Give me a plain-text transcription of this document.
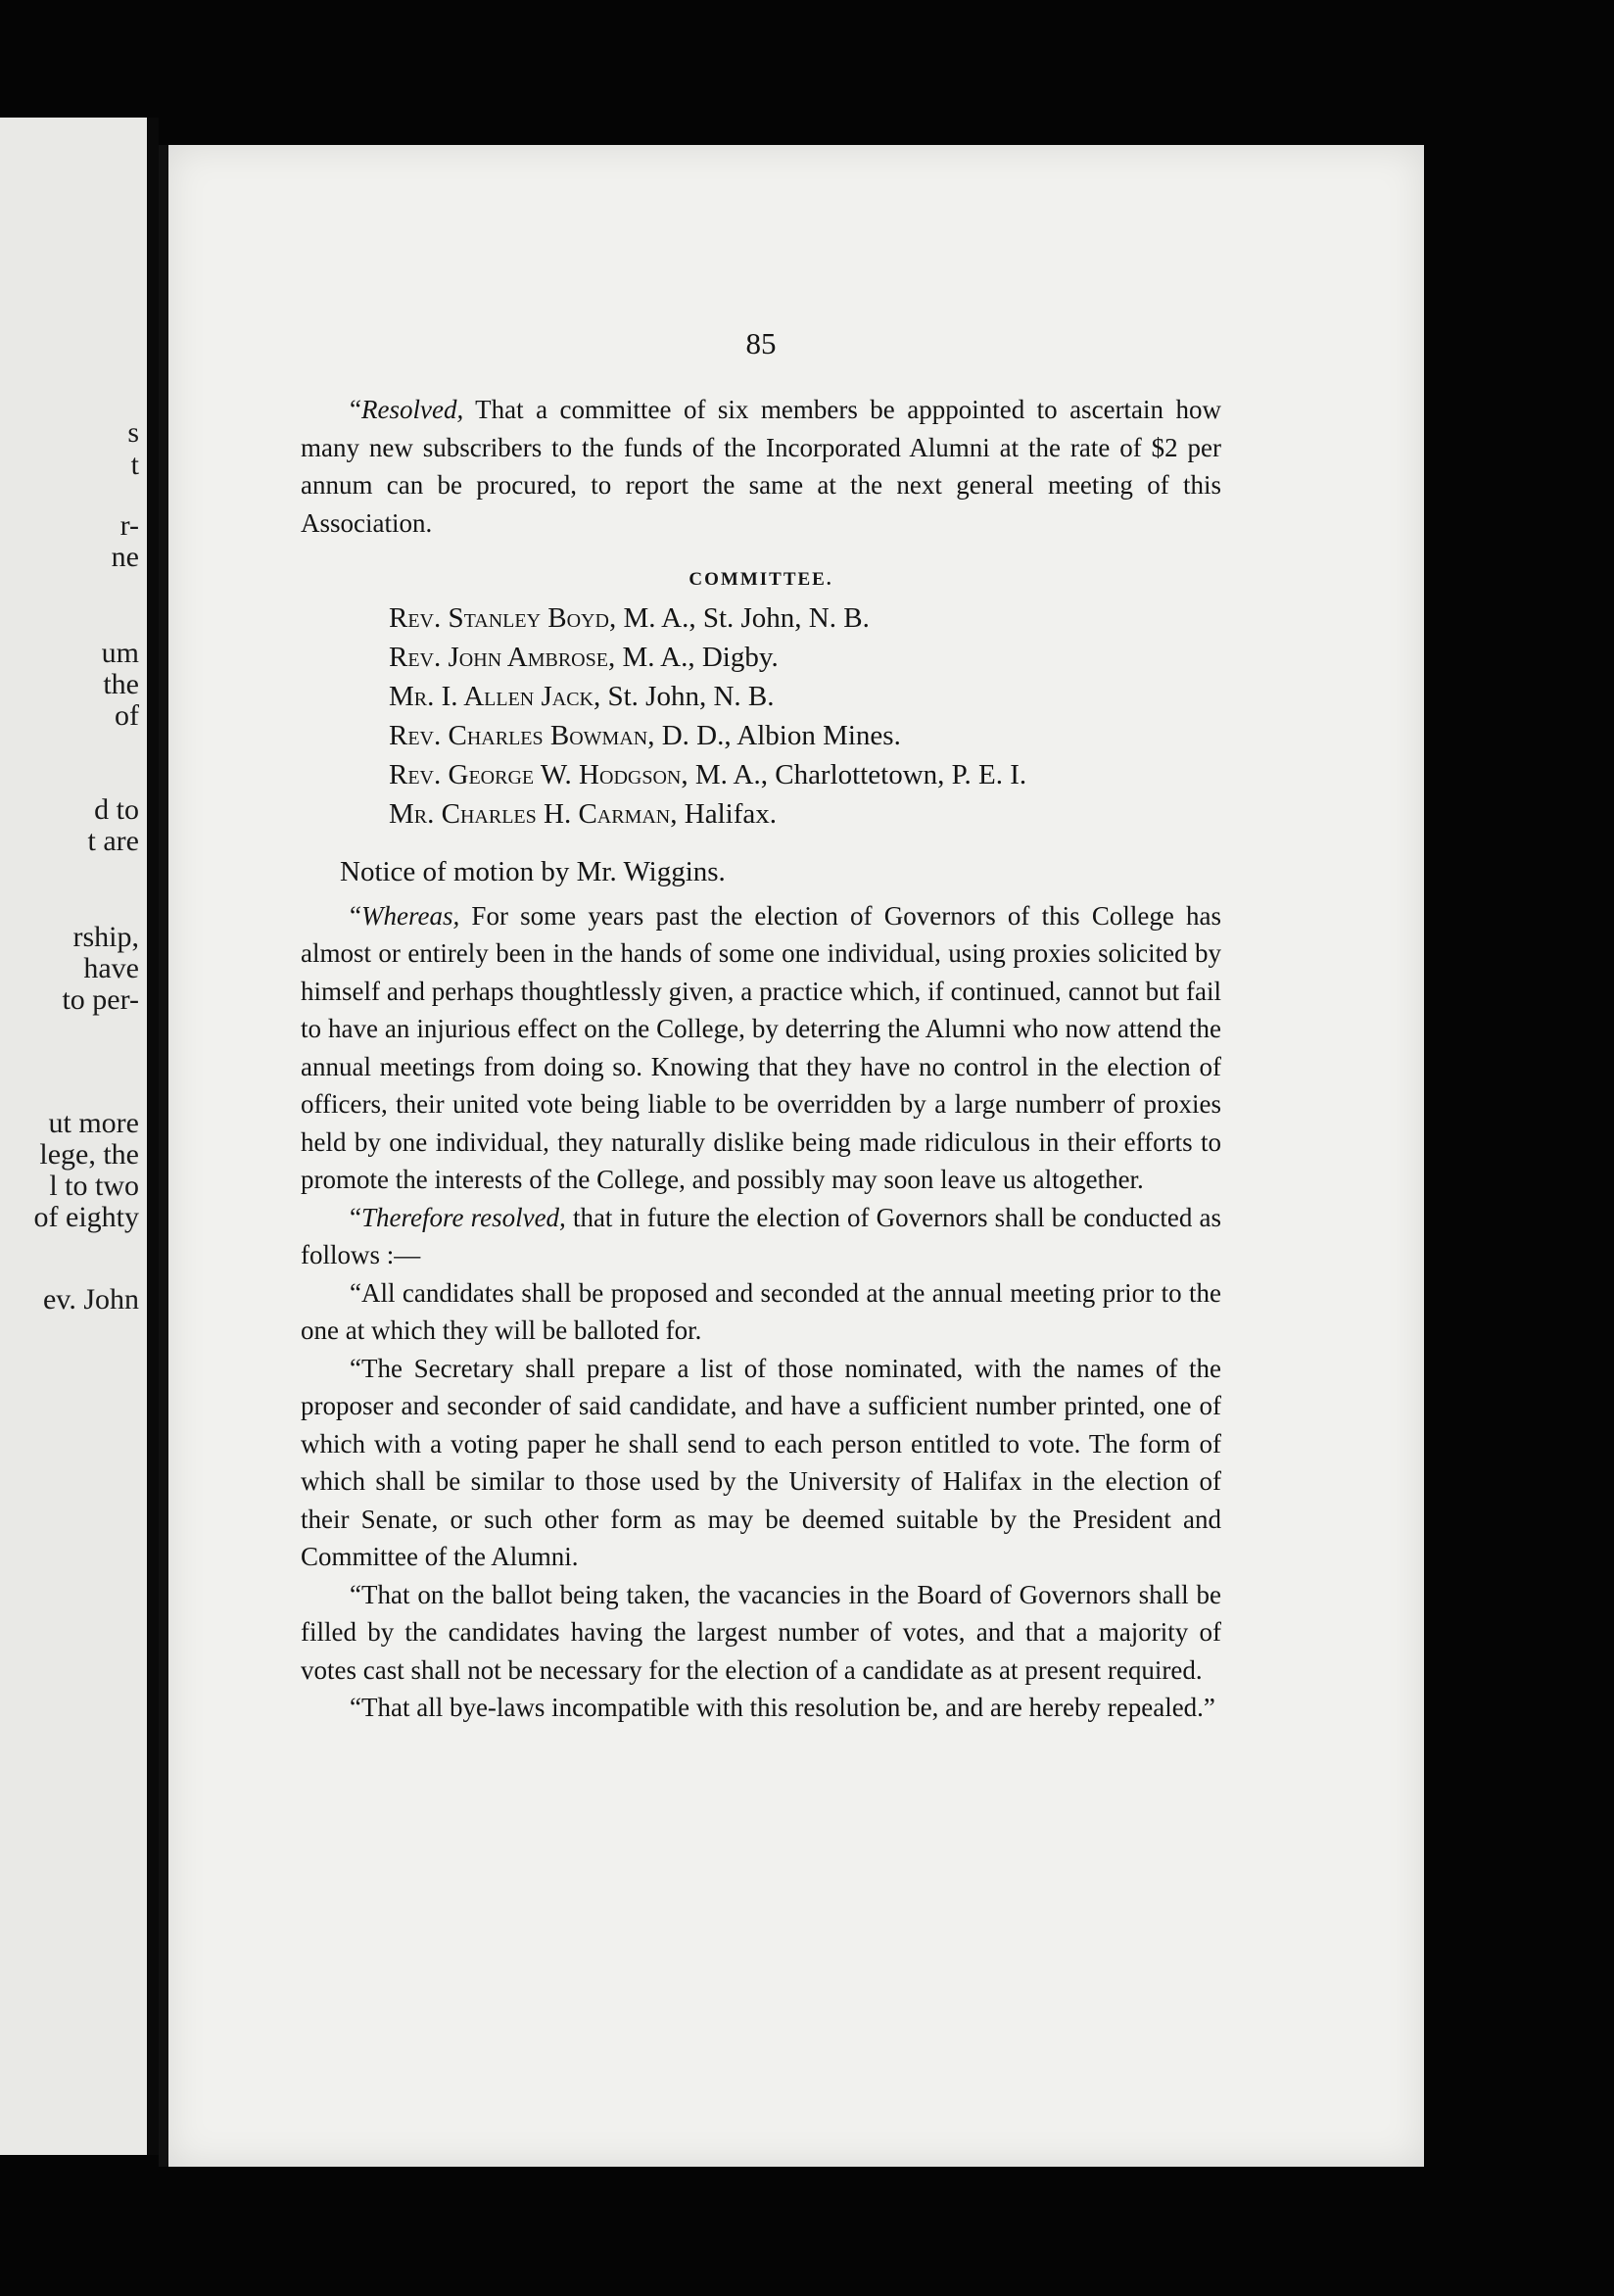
s
t
r-
ne
um
the
of
d to
t are
rship,
have
to per-
ut more
lege, the
l to two
of eighty
ev. John
85

“Resolved, That a committee of six members be apppointed to ascertain how many new subscribers to the funds of the Incorporated Alumni at the rate of $2 per annum can be procured, to report the same at the next general meeting of this Association.

COMMITTEE.
Rev. Stanley Boyd, M. A., St. John, N. B.
Rev. John Ambrose, M. A., Digby.
Mr. I. Allen Jack, St. John, N. B.
Rev. Charles Bowman, D. D., Albion Mines.
Rev. George W. Hodgson, M. A., Charlottetown, P. E. I.
Mr. Charles H. Carman, Halifax.

Notice of motion by Mr. Wiggins.

“Whereas, For some years past the election of Governors of this College has almost or entirely been in the hands of some one individual, using proxies solicited by himself and perhaps thoughtlessly given, a practice which, if continued, cannot but fail to have an injurious effect on the College, by deterring the Alumni who now attend the annual meetings from doing so. Knowing that they have no control in the election of officers, their united vote being liable to be overridden by a large numberr of proxies held by one individual, they naturally dislike being made ridiculous in their efforts to promote the interests of the College, and possibly may soon leave us altogether.

“Therefore resolved, that in future the election of Governors shall be conducted as follows :—

“All candidates shall be proposed and seconded at the annual meeting prior to the one at which they will be balloted for.

“The Secretary shall prepare a list of those nominated, with the names of the proposer and seconder of said candidate, and have a sufficient number printed, one of which with a voting paper he shall send to each person entitled to vote. The form of which shall be similar to those used by the University of Halifax in the election of their Senate, or such other form as may be deemed suitable by the President and Committee of the Alumni.

“That on the ballot being taken, the vacancies in the Board of Governors shall be filled by the candidates having the largest number of votes, and that a majority of votes cast shall not be necessary for the election of a candidate as at present required.

“That all bye-laws incompatible with this resolution be, and are hereby repealed.”
